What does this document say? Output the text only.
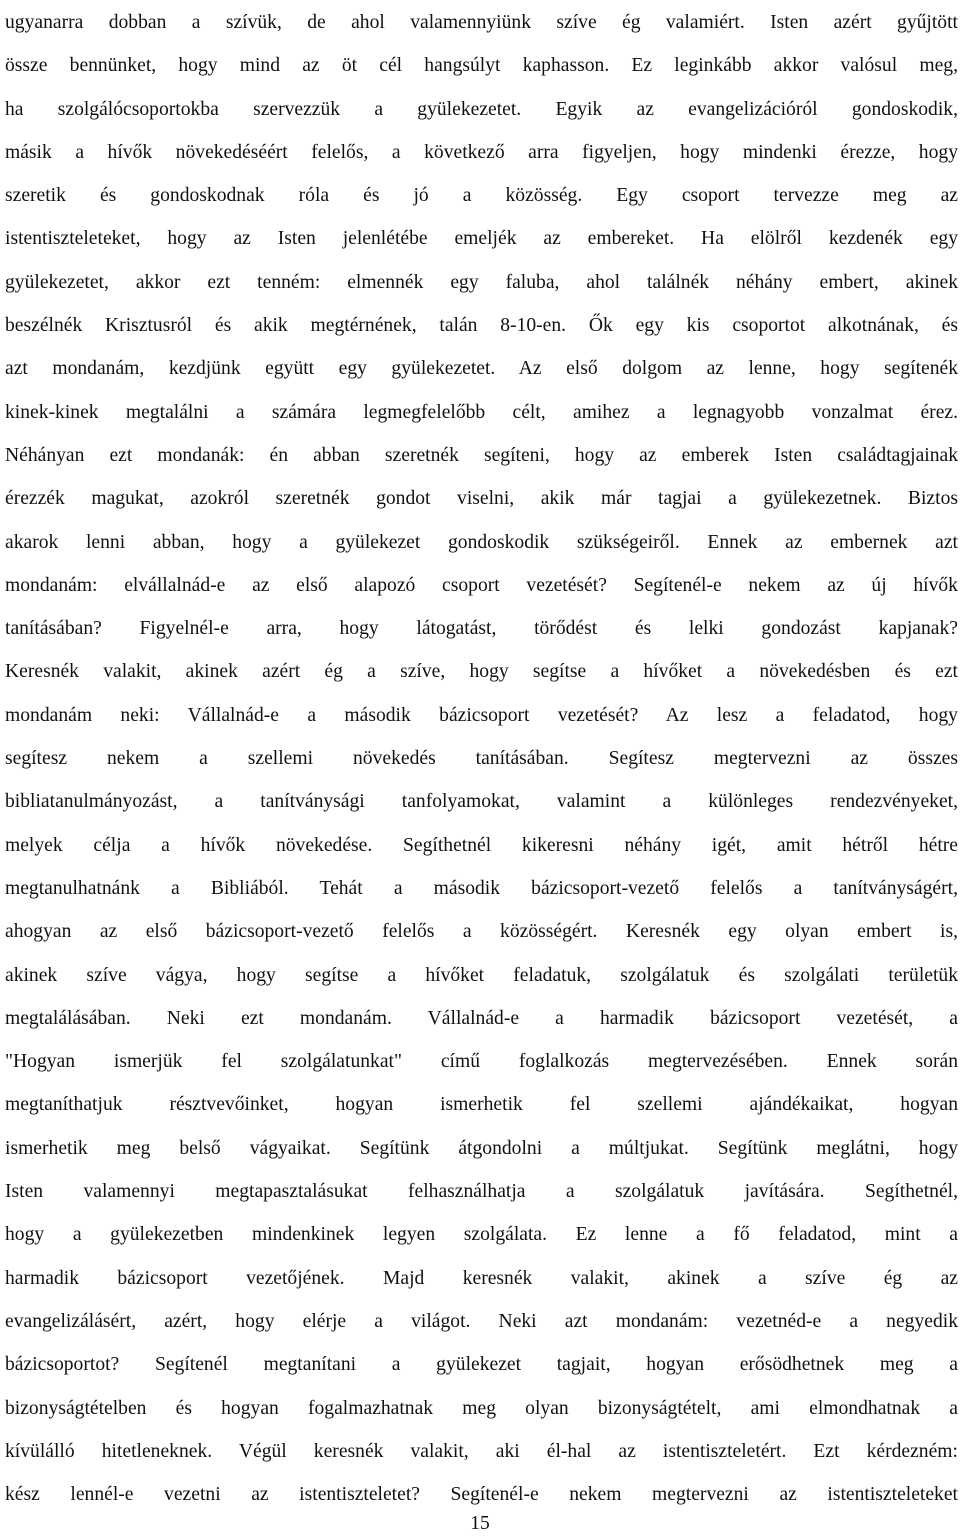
ugyanarra dobban a szívük, de ahol valamennyiünk szíve ég valamiért. Isten azért gyűjtött
össze bennünket, hogy mind az öt cél hangsúlyt kaphasson. Ez leginkább akkor valósul meg,
ha szolgálócsoportokba szervezzük a gyülekezetet. Egyik az evangelizációról gondoskodik,
másik a hívők növekedéséért felelős, a következő arra figyeljen, hogy mindenki érezze, hogy
szeretik és gondoskodnak róla és jó a közösség. Egy csoport tervezze meg az
istentiszteleteket, hogy az Isten jelenlétébe emeljék az embereket. Ha elölről kezdenék egy
gyülekezetet, akkor ezt tenném: elmennék egy faluba, ahol találnék néhány embert, akinek
beszélnék Krisztusról és akik megtérnének, talán 8-10-en. Ők egy kis csoportot alkotnának, és
azt mondanám, kezdjünk együtt egy gyülekezetet. Az első dolgom az lenne, hogy segítenék
kinek-kinek megtalálni a számára legmegfelelőbb célt, amihez a legnagyobb vonzalmat érez.
Néhányan ezt mondanák: én abban szeretnék segíteni, hogy az emberek Isten családtagjainak
érezzék magukat, azokról szeretnék gondot viselni, akik már tagjai a gyülekezetnek. Biztos
akarok lenni abban, hogy a gyülekezet gondoskodik szükségeiről. Ennek az embernek azt
mondanám: elvállalnád-e az első alapozó csoport vezetését? Segítenél-e nekem az új hívők
tanításában? Figyelnél-e arra, hogy látogatást, törődést és lelki gondozást kapjanak?
Keresnék valakit, akinek azért ég a szíve, hogy segítse a hívőket a növekedésben és ezt
mondanám neki: Vállalnád-e a második bázicsoport vezetését? Az lesz a feladatod, hogy
segítesz nekem a szellemi növekedés tanításában. Segítesz megtervezni az összes
bibliatanulmányozást, a tanítványsági tanfolyamokat, valamint a különleges rendezvényeket,
melyek célja a hívők növekedése. Segíthetnél kikeresni néhány igét, amit hétről hétre
megtanulhatnánk a Bibliából. Tehát a második bázicsoport-vezető felelős a tanítványságért,
ahogyan az első bázicsoport-vezető felelős a közösségért. Keresnék egy olyan embert is,
akinek szíve vágya, hogy segítse a hívőket feladatuk, szolgálatuk és szolgálati területük
megtalálásában. Neki ezt mondanám. Vállalnád-e a harmadik bázicsoport vezetését, a
"Hogyan ismerjük fel szolgálatunkat" című foglalkozás megtervezésében. Ennek során
megtaníthatjuk résztvevőinket, hogyan ismerhetik fel szellemi ajándékaikat, hogyan
ismerhetik meg belső vágyaikat. Segítünk átgondolni a múltjukat. Segítünk meglátni, hogy
Isten valamennyi megtapasztalásukat felhasználhatja a szolgálatuk javítására. Segíthetnél,
hogy a gyülekezetben mindenkinek legyen szolgálata. Ez lenne a fő feladatod, mint a
harmadik bázicsoport vezetőjének. Majd keresnék valakit, akinek a szíve ég az
evangelizálásért, azért, hogy elérje a világot. Neki azt mondanám: vezetnéd-e a negyedik
bázicsoportot? Segítenél megtanítani a gyülekezet tagjait, hogyan erősödhetnek meg a
bizonyságtételben és hogyan fogalmazhatnak meg olyan bizonyságtételt, ami elmondhatnak a
kívülálló hitetleneknek. Végül keresnék valakit, aki él-hal az istentiszteletért. Ezt kérdezném:
kész lennél-e vezetni az istentiszteletet? Segítenél-e nekem megtervezni az istentiszteleteket
15
